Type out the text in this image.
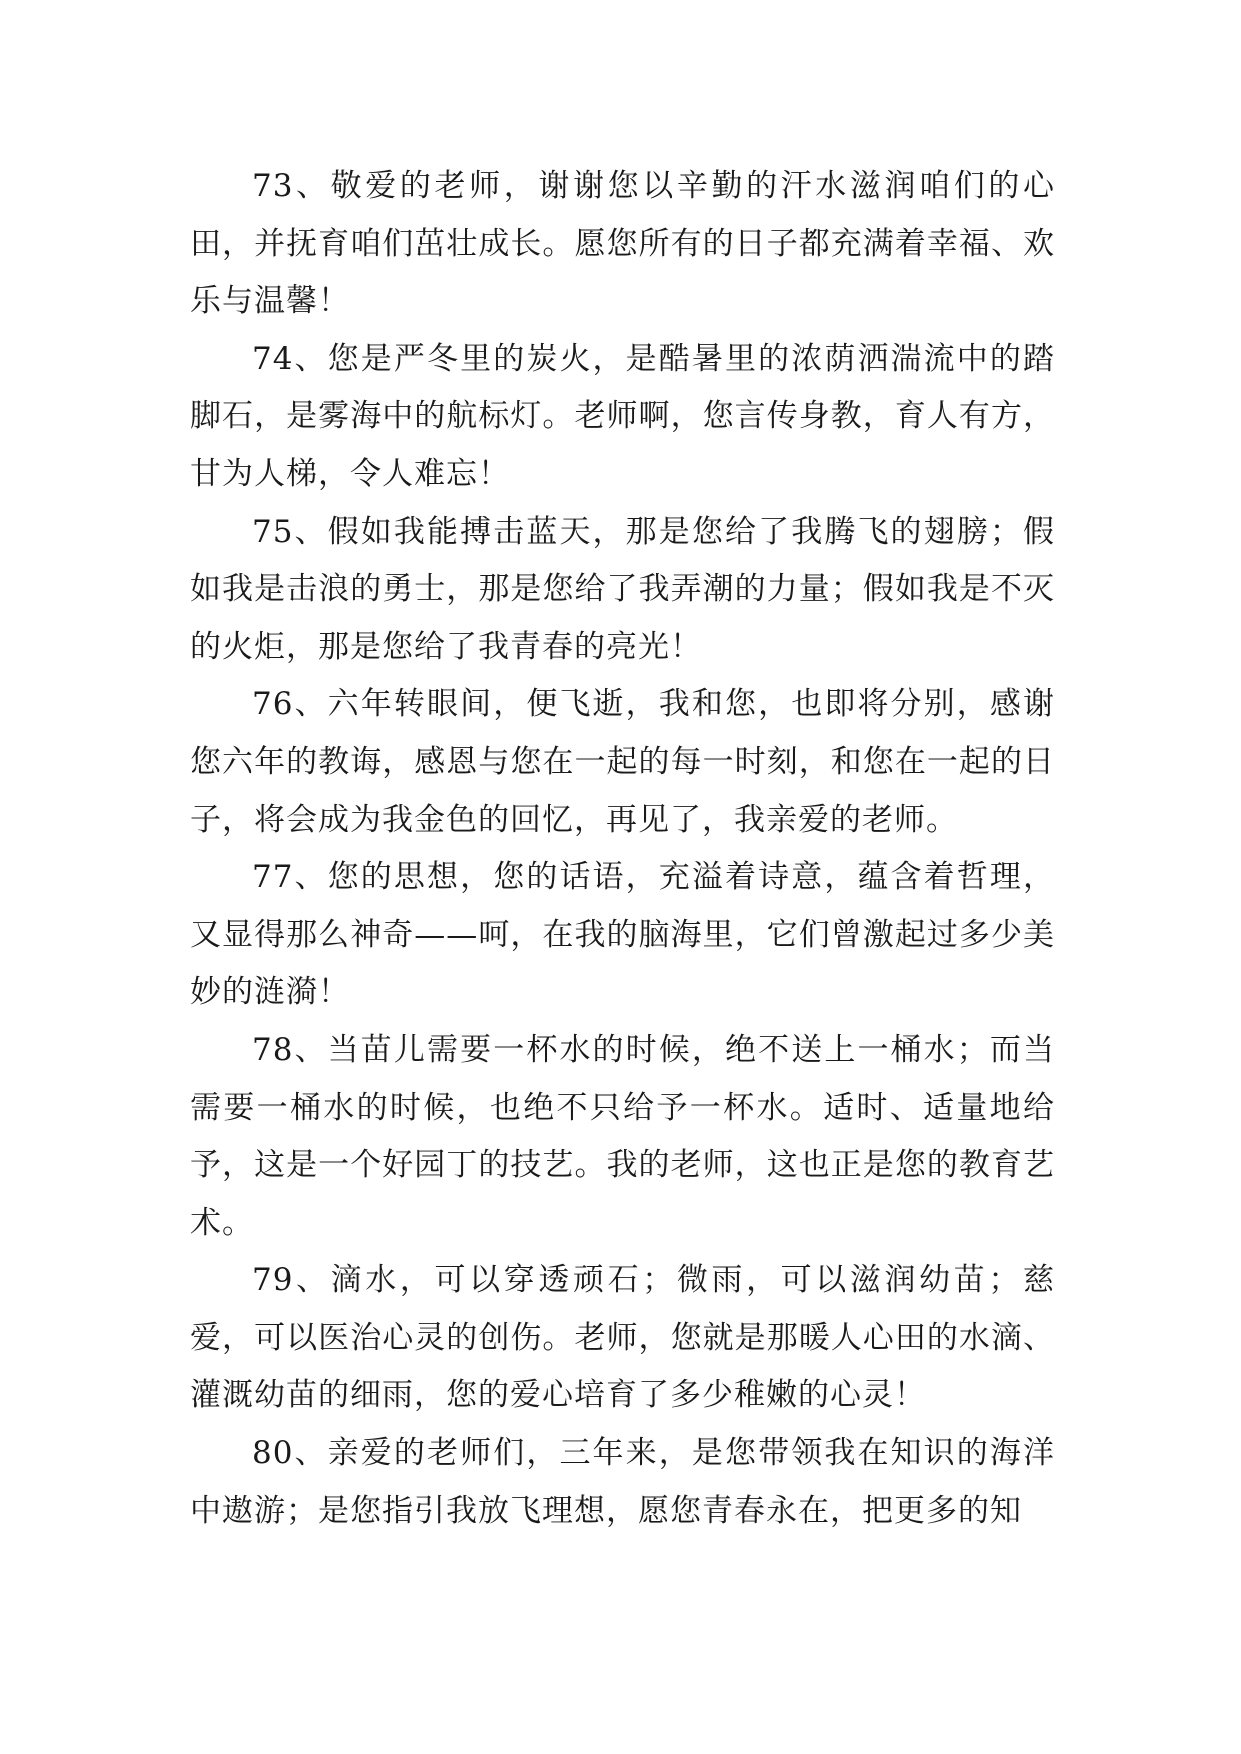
73、敬爱的老师，谢谢您以辛勤的汗水滋润咱们的心田，并抚育咱们茁壮成长。愿您所有的日子都充满着幸福、欢乐与温馨！

74、您是严冬里的炭火，是酷暑里的浓荫洒湍流中的踏脚石，是雾海中的航标灯。老师啊，您言传身教，育人有方，甘为人梯，令人难忘！

75、假如我能搏击蓝天，那是您给了我腾飞的翅膀；假如我是击浪的勇士，那是您给了我弄潮的力量；假如我是不灭的火炬，那是您给了我青春的亮光！

76、六年转眼间，便飞逝，我和您，也即将分别，感谢您六年的教诲，感恩与您在一起的每一时刻，和您在一起的日子，将会成为我金色的回忆，再见了，我亲爱的老师。

77、您的思想，您的话语，充溢着诗意，蕴含着哲理，又显得那么神奇——呵，在我的脑海里，它们曾激起过多少美妙的涟漪！

78、当苗儿需要一杯水的时候，绝不送上一桶水；而当需要一桶水的时候，也绝不只给予一杯水。适时、适量地给予，这是一个好园丁的技艺。我的老师，这也正是您的教育艺术。

79、滴水，可以穿透顽石；微雨，可以滋润幼苗；慈爱，可以医治心灵的创伤。老师，您就是那暖人心田的水滴、灌溉幼苗的细雨，您的爱心培育了多少稚嫩的心灵！

80、亲爱的老师们，三年来，是您带领我在知识的海洋中遨游；是您指引我放飞理想，愿您青春永在，把更多的知
